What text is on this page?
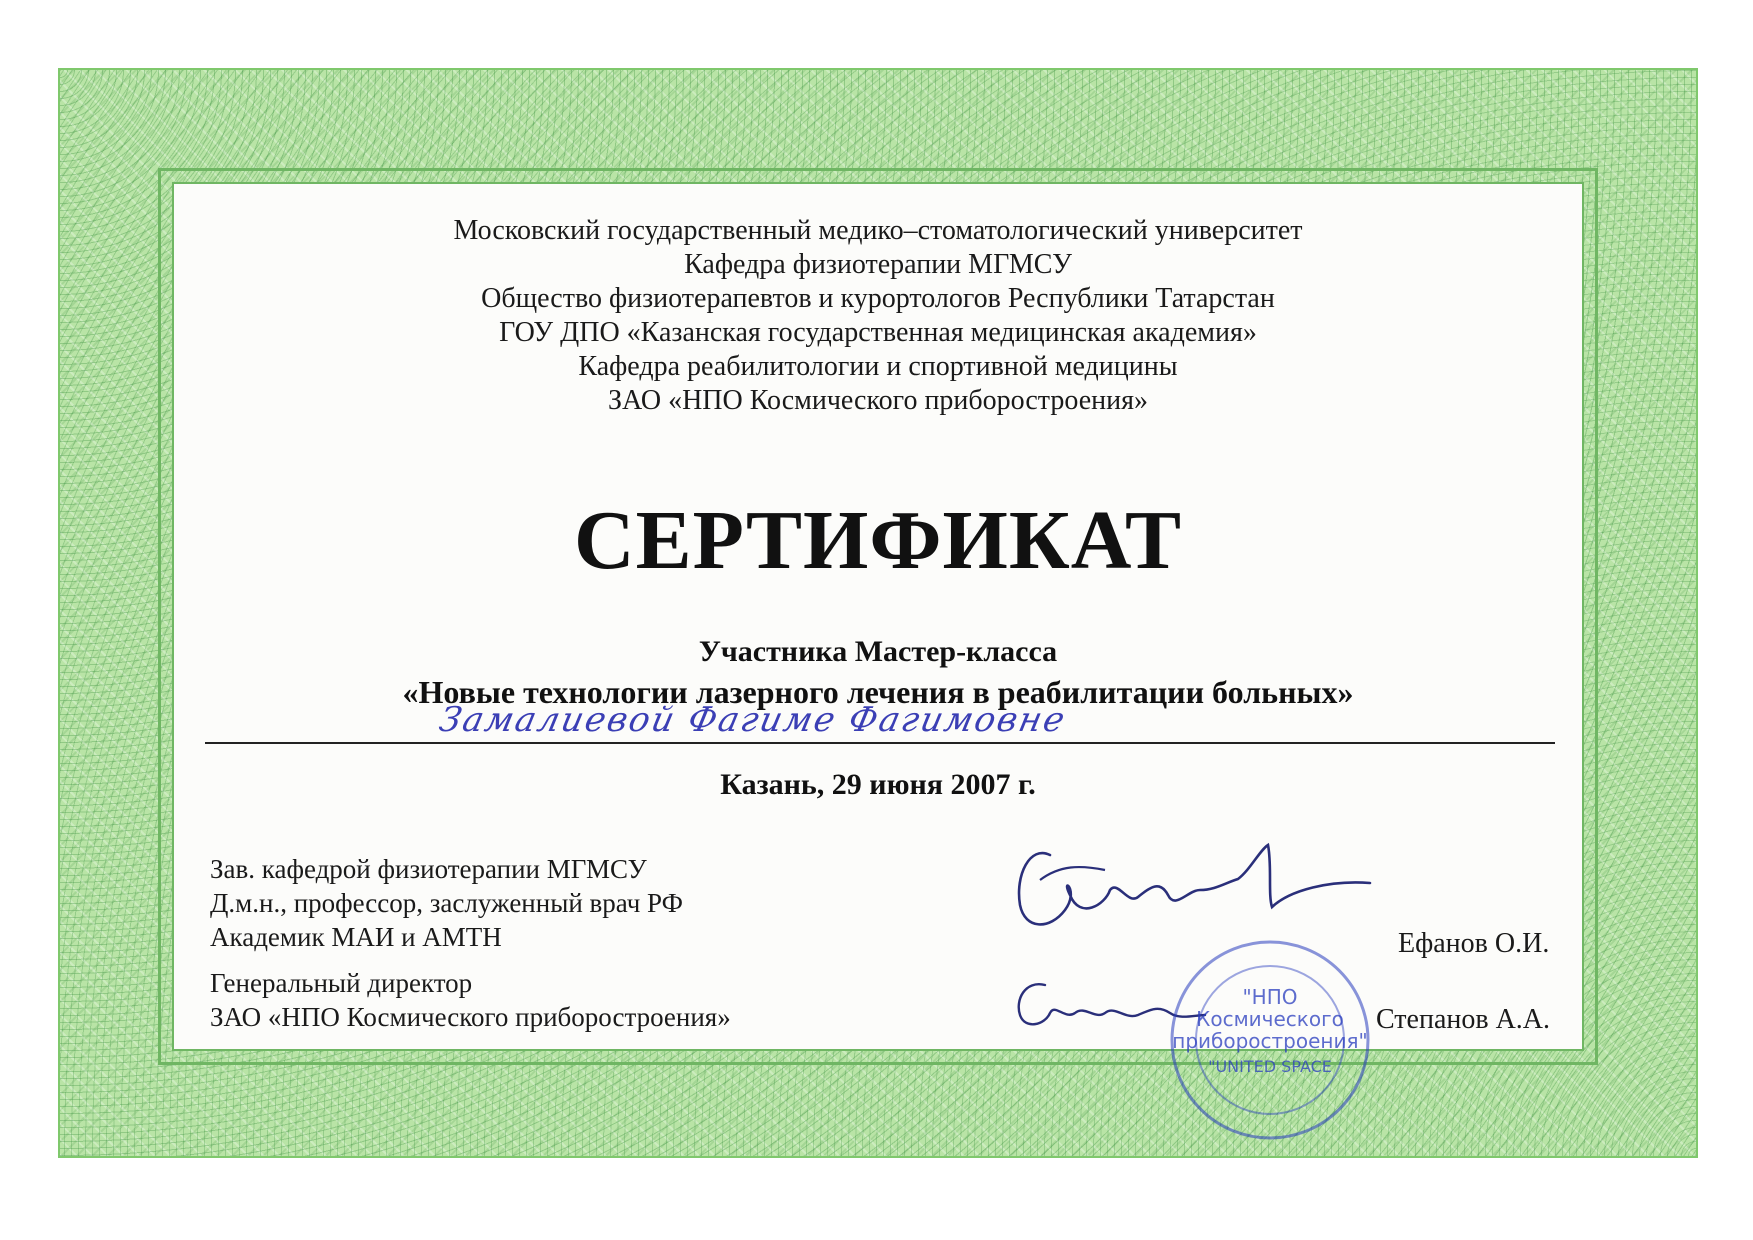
Московский государственный медико–стоматологический университет
Кафедра физиотерапии МГМСУ
Общество физиотерапевтов и курортологов Республики Татарстан
ГОУ ДПО «Казанская государственная медицинская академия»
Кафедра реабилитологии и спортивной медицины
ЗАО «НПО Космического приборостроения»
СЕРТИФИКАТ
Участника Мастер-класса
«Новые технологии лазерного лечения в реабилитации больных»
Замалиевой Фагиме Фагимовне
Казань, 29 июня 2007 г.
Зав. кафедрой физиотерапии МГМСУ
Д.м.н., профессор, заслуженный врач РФ
Академик МАИ и АМТН	Ефанов О.И.
Генеральный директор
ЗАО «НПО Космического приборостроения»	Степанов А.А.
"НПО
Космического
приборостроения"
"UNITED SPACE
